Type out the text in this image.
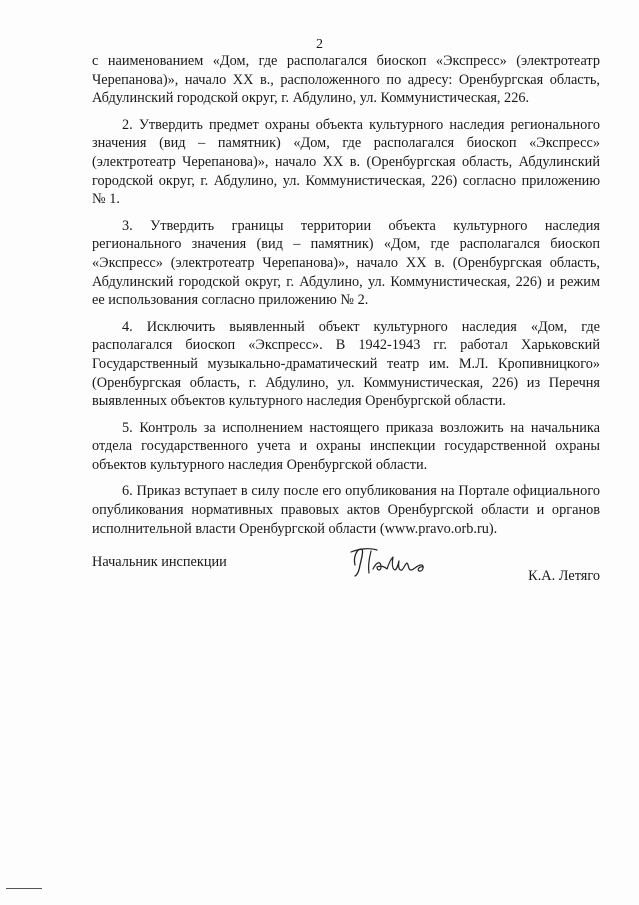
2

с наименованием «Дом, где располагался биоскоп «Экспресс» (электротеатр Черепанова)», начало XX в., расположенного по адресу: Оренбургская область, Абдулинский городской округ, г. Абдулино, ул. Коммунистическая, 226.

2. Утвердить предмет охраны объекта культурного наследия регионального значения (вид – памятник) «Дом, где располагался биоскоп «Экспресс» (электротеатр Черепанова)», начало XX в. (Оренбургская область, Абдулинский городской округ, г. Абдулино, ул. Коммунистическая, 226) согласно приложению № 1.

3. Утвердить границы территории объекта культурного наследия регионального значения (вид – памятник) «Дом, где располагался биоскоп «Экспресс» (электротеатр Черепанова)», начало XX в. (Оренбургская область, Абдулинский городской округ, г. Абдулино, ул. Коммунистическая, 226) и режим ее использования согласно приложению № 2.

4. Исключить выявленный объект культурного наследия «Дом, где располагался биоскоп «Экспресс». В 1942-1943 гг. работал Харьковский Государственный музыкально-драматический театр им. М.Л. Кропивницкого» (Оренбургская область, г. Абдулино, ул. Коммунистическая, 226) из Перечня выявленных объектов культурного наследия Оренбургской области.

5. Контроль за исполнением настоящего приказа возложить на начальника отдела государственного учета и охраны инспекции государственной охраны объектов культурного наследия Оренбургской области.

6. Приказ вступает в силу после его опубликования на Портале официального опубликования нормативных правовых актов Оренбургской области и органов исполнительной власти Оренбургской области (www.pravo.orb.ru).

Начальник инспекции
К.А. Летяго
